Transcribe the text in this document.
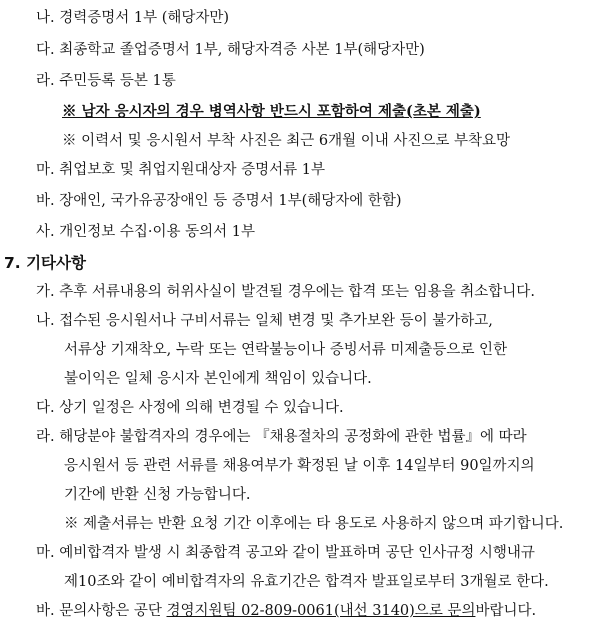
나. 경력증명서 1부 (해당자만)
다. 최종학교 졸업증명서 1부, 해당자격증 사본 1부(해당자만)
라. 주민등록 등본 1통
※ 남자 응시자의 경우 병역사항 반드시 포함하여 제출(초본 제출)
※ 이력서 및 응시원서 부착 사진은 최근 6개월 이내 사진으로 부착요망
마. 취업보호 및 취업지원대상자 증명서류 1부
바. 장애인, 국가유공장애인 등 증명서 1부(해당자에 한함)
사. 개인정보 수집·이용 동의서 1부
7. 기타사항
가. 추후 서류내용의 허위사실이 발견될 경우에는 합격 또는 임용을 취소합니다.
나. 접수된 응시원서나 구비서류는 일체 변경 및 추가보완 등이 불가하고,
서류상 기재착오, 누락 또는 연락불능이나 증빙서류 미제출등으로 인한
불이익은 일체 응시자 본인에게 책임이 있습니다.
다. 상기 일정은 사정에 의해 변경될 수 있습니다.
라. 해당분야 불합격자의 경우에는 『채용절차의 공정화에 관한 법률』에 따라
응시원서 등 관련 서류를 채용여부가 확정된 날 이후 14일부터 90일까지의
기간에 반환 신청 가능합니다.
※ 제출서류는 반환 요청 기간 이후에는 타 용도로 사용하지 않으며 파기합니다.
마. 예비합격자 발생 시 최종합격 공고와 같이 발표하며 공단 인사규정 시행내규
제10조와 같이 예비합격자의 유효기간은 합격자 발표일로부터 3개월로 한다.
바. 문의사항은 공단 경영지원팀 02-809-0061(내선 3140)으로 문의바랍니다.
